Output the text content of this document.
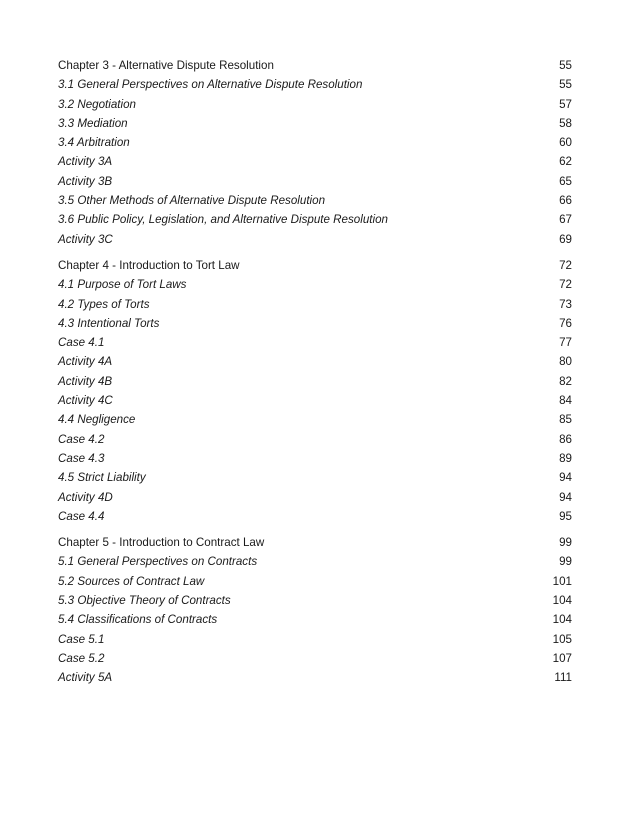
Chapter 3 - Alternative Dispute Resolution	55
3.1 General Perspectives on Alternative Dispute Resolution	55
3.2 Negotiation	57
3.3 Mediation	58
3.4 Arbitration	60
Activity 3A	62
Activity 3B	65
3.5 Other Methods of Alternative Dispute Resolution	66
3.6 Public Policy, Legislation, and Alternative Dispute Resolution	67
Activity 3C	69
Chapter 4 - Introduction to Tort Law	72
4.1 Purpose of Tort Laws	72
4.2 Types of Torts	73
4.3 Intentional Torts	76
Case 4.1	77
Activity 4A	80
Activity 4B	82
Activity 4C	84
4.4 Negligence	85
Case 4.2	86
Case 4.3	89
4.5 Strict Liability	94
Activity 4D	94
Case 4.4	95
Chapter 5 - Introduction to Contract Law	99
5.1 General Perspectives on Contracts	99
5.2 Sources of Contract Law	101
5.3 Objective Theory of Contracts	104
5.4 Classifications of Contracts	104
Case 5.1	105
Case 5.2	107
Activity 5A	111
